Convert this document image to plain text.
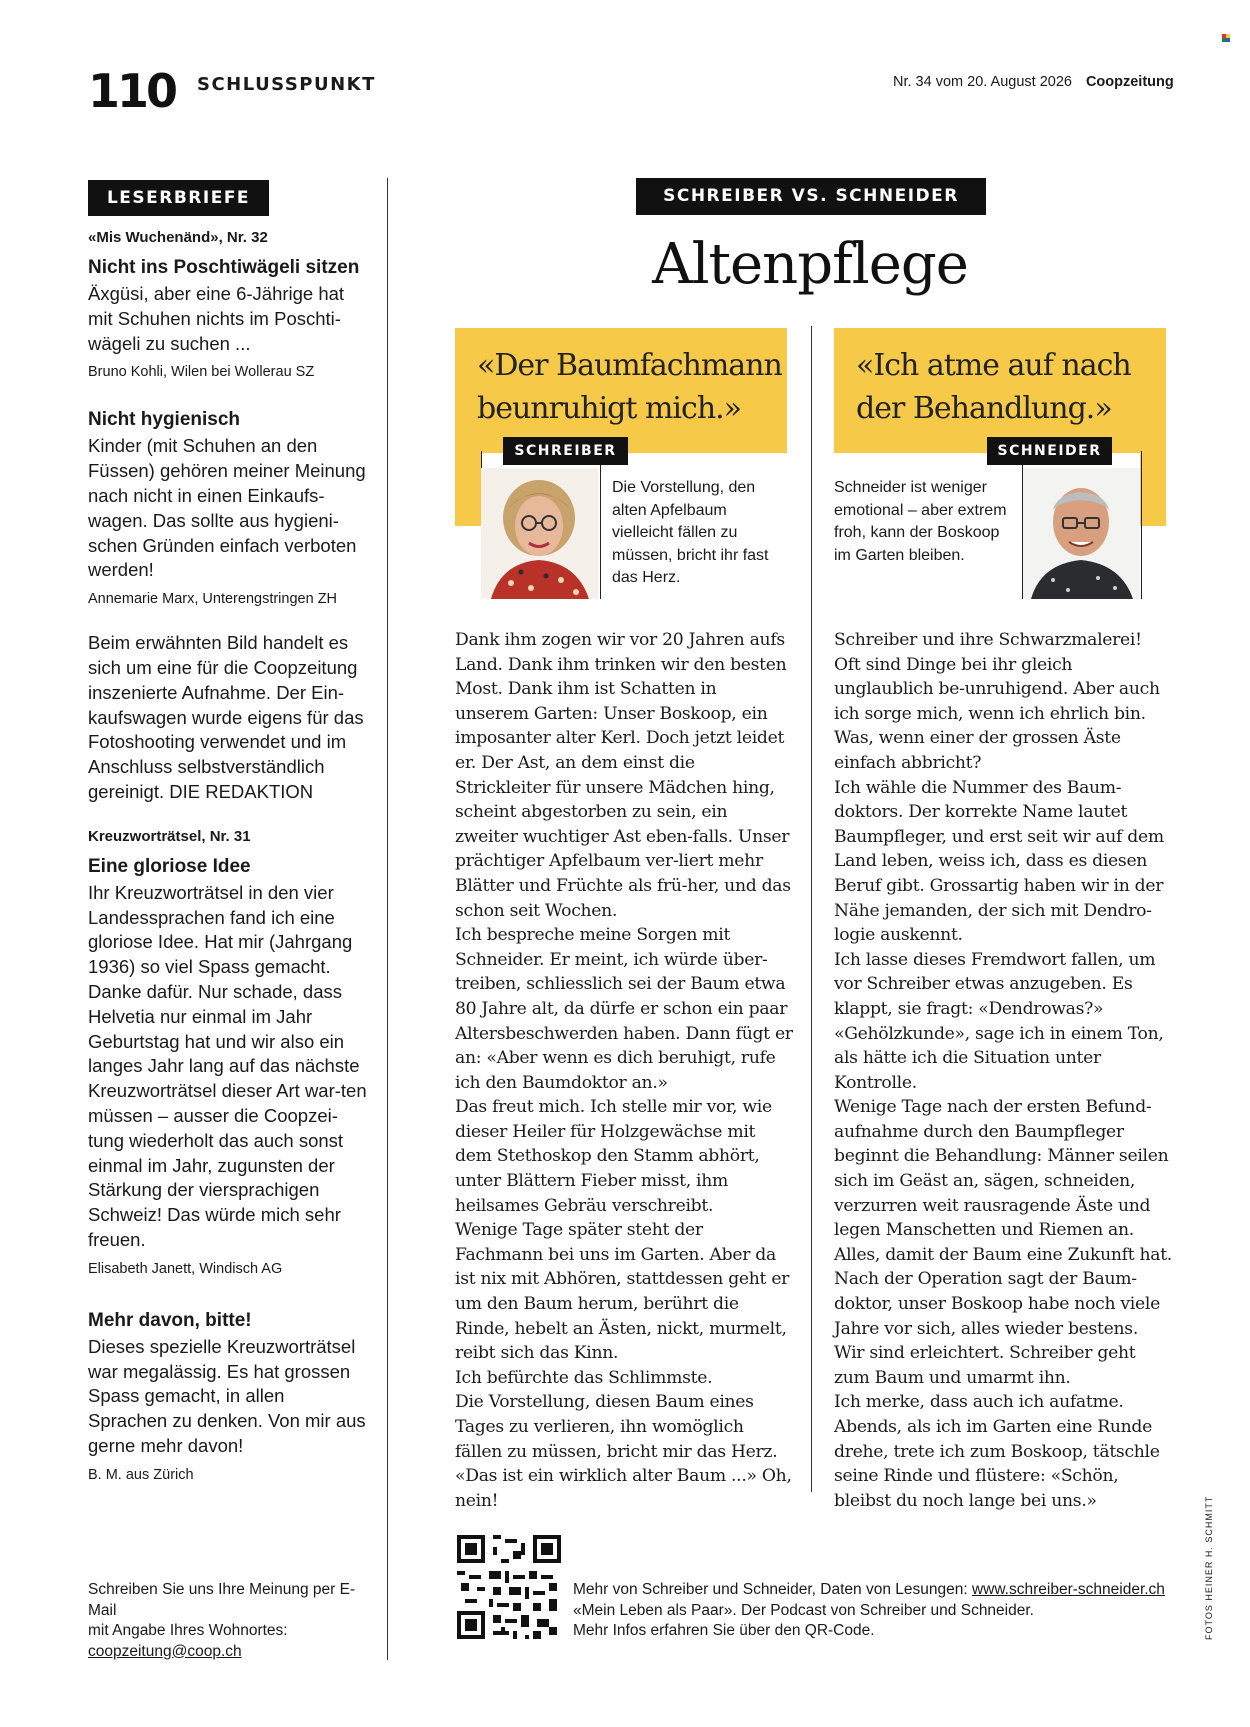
110 SCHLUSSPUNKT	Nr. 34 vom 20. August 2026 Coopzeitung
LESERBRIEFE

«Mis Wuchenänd», Nr. 32

Nicht ins Poschtiwägeli sitzen

Äxgüsi, aber eine 6-Jährige hat mit Schuhen nichts im Poschti-wägeli zu suchen ...

Bruno Kohli, Wilen bei Wollerau SZ

Nicht hygienisch

Kinder (mit Schuhen an den Füssen) gehören meiner Meinung nach nicht in einen Einkaufs-wagen. Das sollte aus hygieni-schen Gründen einfach verboten werden!

Annemarie Marx, Unterengstringen ZH

Beim erwähnten Bild handelt es sich um eine für die Coopzeitung inszenierte Aufnahme. Der Ein-kaufswagen wurde eigens für das Fotoshooting verwendet und im Anschluss selbstverständlich gereinigt. DIE REDAKTION

Kreuzworträtsel, Nr. 31

Eine gloriose Idee

Ihr Kreuzworträtsel in den vier Landessprachen fand ich eine gloriose Idee. Hat mir (Jahrgang 1936) so viel Spass gemacht. Danke dafür. Nur schade, dass Helvetia nur einmal im Jahr Geburtstag hat und wir also ein langes Jahr lang auf das nächste Kreuzworträtsel dieser Art war-ten müssen – ausser die Coopzei-tung wiederholt das auch sonst einmal im Jahr, zugunsten der Stärkung der viersprachigen Schweiz! Das würde mich sehr freuen.

Elisabeth Janett, Windisch AG

Mehr davon, bitte!

Dieses spezielle Kreuzworträtsel war megalässig. Es hat grossen Spass gemacht, in allen Sprachen zu denken. Von mir aus gerne mehr davon!

B. M. aus Zürich

Schreiben Sie uns Ihre Meinung per E-Mail
mit Angabe Ihres Wohnortes:
coopzeitung@coop.ch
SCHREIBER VS. SCHNEIDER
Altenpflege
«Der Baumfachmann beunruhigt mich.»
SCHREIBER
Die Vorstellung, den alten Apfelbaum vielleicht fällen zu müssen, bricht ihr fast das Herz.
«Ich atme auf nach der Behandlung.»
SCHNEIDER
Schneider ist weniger emotional – aber extrem froh, kann der Boskoop im Garten bleiben.

Dank ihm zogen wir vor 20 Jahren aufs Land. Dank ihm trinken wir den besten Most. Dank ihm ist Schatten in unserem Garten: Unser Boskoop, ein imposanter alter Kerl. Doch jetzt leidet er. Der Ast, an dem einst die Strickleiter für unsere Mädchen hing, scheint abgestorben zu sein, ein zweiter wuchtiger Ast eben-falls. Unser prächtiger Apfelbaum ver-liert mehr Blätter und Früchte als frü-her, und das schon seit Wochen.

Ich bespreche meine Sorgen mit Schneider. Er meint, ich würde über-treiben, schliesslich sei der Baum etwa 80 Jahre alt, da dürfe er schon ein paar Altersbeschwerden haben. Dann fügt er an: «Aber wenn es dich beruhigt, rufe ich den Baumdoktor an.»

Das freut mich. Ich stelle mir vor, wie dieser Heiler für Holzgewächse mit dem Stethoskop den Stamm abhört, unter Blättern Fieber misst, ihm heilsames Gebräu verschreibt.

Wenige Tage später steht der Fachmann bei uns im Garten. Aber da ist nix mit Abhören, stattdessen geht er um den Baum herum, berührt die Rinde, hebelt an Ästen, nickt, murmelt, reibt sich das Kinn.

Ich befürchte das Schlimmste.

Die Vorstellung, diesen Baum eines Tages zu verlieren, ihn womöglich fällen zu müssen, bricht mir das Herz. «Das ist ein wirklich alter Baum ...» Oh, nein!

Schreiber und ihre Schwarzmalerei! Oft sind Dinge bei ihr gleich unglaublich be-unruhigend. Aber auch ich sorge mich, wenn ich ehrlich bin. Was, wenn einer der grossen Äste einfach abbricht?

Ich wähle die Nummer des Baum-doktors. Der korrekte Name lautet Baumpfleger, und erst seit wir auf dem Land leben, weiss ich, dass es diesen Beruf gibt. Grossartig haben wir in der Nähe jemanden, der sich mit Dendro-logie auskennt.

Ich lasse dieses Fremdwort fallen, um vor Schreiber etwas anzugeben. Es klappt, sie fragt: «Dendrowas?» «Gehölzkunde», sage ich in einem Ton, als hätte ich die Situation unter Kontrolle.

Wenige Tage nach der ersten Befund-aufnahme durch den Baumpfleger beginnt die Behandlung: Männer seilen sich im Geäst an, sägen, schneiden, verzurren weit rausragende Äste und legen Manschetten und Riemen an. Alles, damit der Baum eine Zukunft hat.

Nach der Operation sagt der Baum-doktor, unser Boskoop habe noch viele Jahre vor sich, alles wieder bestens. Wir sind erleichtert. Schreiber geht zum Baum und umarmt ihn.

Ich merke, dass auch ich aufatme. Abends, als ich im Garten eine Runde drehe, trete ich zum Boskoop, tätschle seine Rinde und flüstere: «Schön, bleibst du noch lange bei uns.»

Mehr von Schreiber und Schneider, Daten von Lesungen: www.schreiber-schneider.ch
«Mein Leben als Paar». Der Podcast von Schreiber und Schneider.
Mehr Infos erfahren Sie über den QR-Code.	FOTOS HEINER H. SCHMITT
